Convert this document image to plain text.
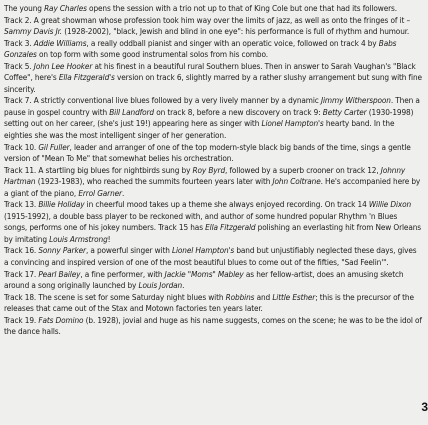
The young Ray Charles opens the session with a trio not up to that of King Cole but one that had its followers.

Track 2. A great showman whose profession took him way over the limits of jazz, as well as onto the fringes of it – Sammy Davis Jr. (1928-2002), "black, Jewish and blind in one eye": his performance is full of rhythm and humour.

Track 3. Addie Williams, a really oddball pianist and singer with an operatic voice, followed on track 4 by Babs Gonzales on top form with some good instrumental solos from his combo.

Track 5. John Lee Hooker at his finest in a beautiful rural Southern blues. Then in answer to Sarah Vaughan's "Black Coffee", here's Ella Fitzgerald's version on track 6, slightly marred by a rather slushy arrangement but sung with fine sincerity.

Track 7. A strictly conventional live blues followed by a very lively manner by a dynamic Jimmy Witherspoon. Then a pause in gospel country with Bill Landford on track 8, before a new discovery on track 9: Betty Carter (1930-1998) setting out on her career, (she's just 19!) appearing here as singer with Lionel Hampton's hearty band. In the eighties she was the most intelligent singer of her generation.

Track 10. Gil Fuller, leader and arranger of one of the top modern-style black big bands of the time, sings a gentle version of "Mean To Me" that somewhat belies his orchestration.

Track 11. A startling big blues for nightbirds sung by Roy Byrd, followed by a superb crooner on track 12, Johnny Hartman (1923-1983), who reached the summits fourteen years later with John Coltrane. He's accompanied here by a giant of the piano, Errol Garner.

Track 13. Billie Holiday in cheerful mood takes up a theme she always enjoyed recording. On track 14 Willie Dixon (1915-1992), a double bass player to be reckoned with, and author of some hundred popular Rhythm 'n Blues songs, performs one of his jokey numbers. Track 15 has Ella Fitzgerald polishing an everlasting hit from New Orleans by imitating Louis Armstrong!

Track 16. Sonny Parker, a powerful singer with Lionel Hampton's band but unjustifiably neglected these days, gives a convincing and inspired version of one of the most beautiful blues to come out of the fifties, "Sad Feelin'".

Track 17. Pearl Bailey, a fine performer, with Jackie "Moms" Mabley as her fellow-artist, does an amusing sketch around a song originally launched by Louis Jordan.

Track 18. The scene is set for some Saturday night blues with Robbins and Little Esther; this is the precursor of the releases that came out of the Stax and Motown factories ten years later.

Track 19. Fats Domino (b. 1928), jovial and huge as his name suggests, comes on the scene; he was to be the idol of the dance halls.

3
